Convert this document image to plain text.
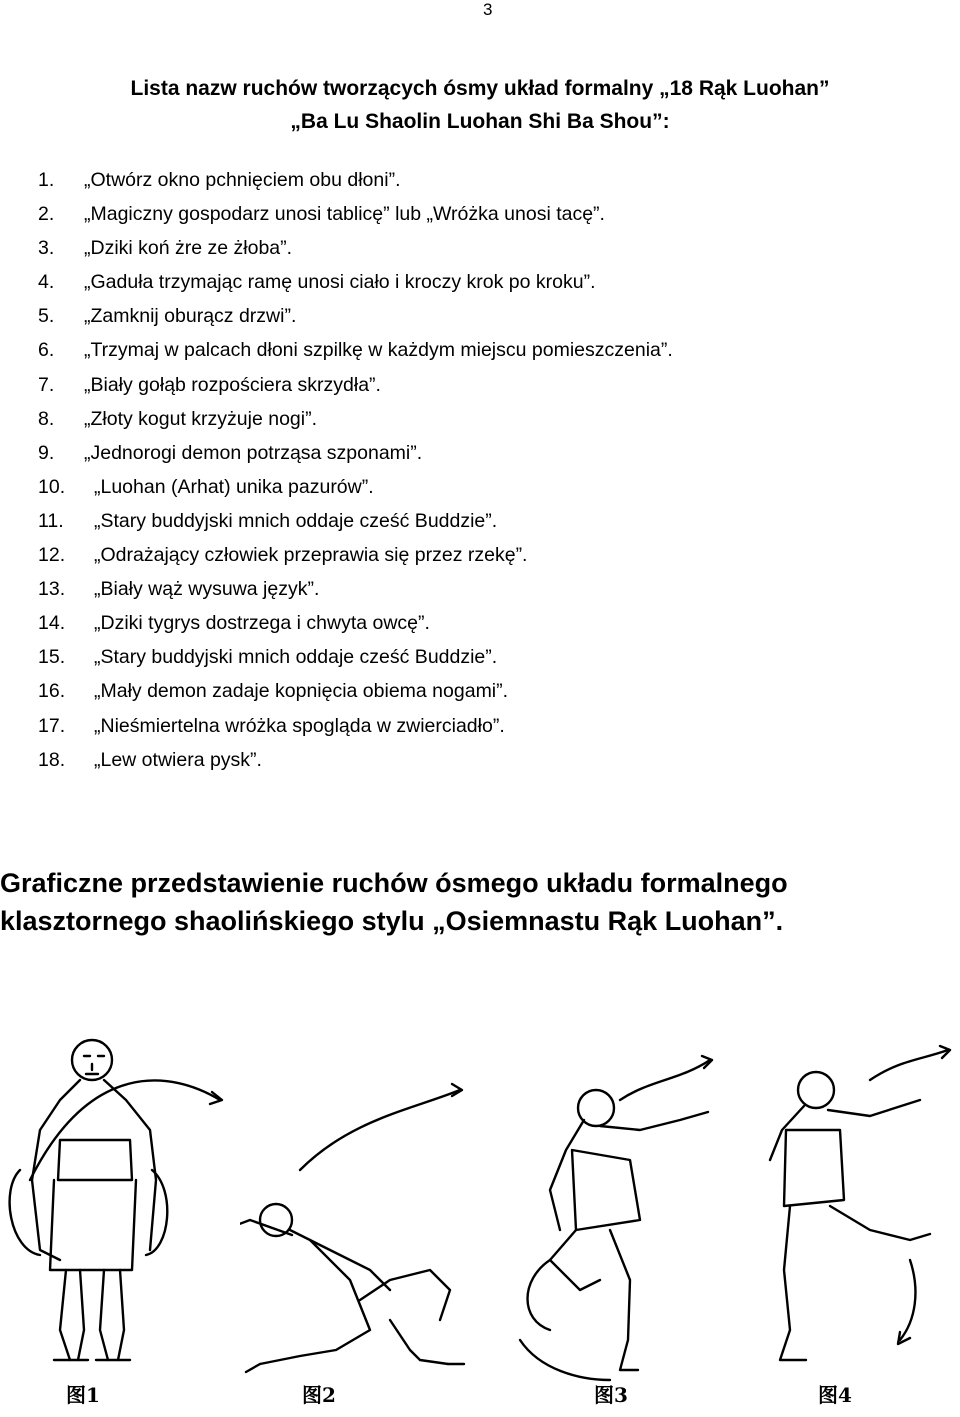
3
Lista nazw ruchów tworzących ósmy układ formalny „18 Rąk Luohan”
„Ba Lu Shaolin Luohan Shi Ba Shou”:
1. „Otwórz okno pchnięciem obu dłoni”.
2. „Magiczny gospodarz unosi tablicę” lub „Wróżka unosi tacę”.
3. „Dziki koń żre ze żłoba”.
4. „Gaduła trzymając ramę unosi ciało i kroczy krok po kroku”.
5. „Zamknij oburącz drzwi”.
6. „Trzymaj w palcach dłoni szpilkę w każdym miejscu pomieszczenia”.
7. „Biały gołąb rozpościera skrzydła”.
8. „Złoty kogut krzyżuje nogi”.
9. „Jednorogi demon potrząsa szponami”.
10. „Luohan (Arhat) unika pazurów”.
11. „Stary buddyjski mnich oddaje cześć Buddzie”.
12. „Odrażający człowiek przeprawia się przez rzekę”.
13. „Biały wąż wysuwa język”.
14. „Dziki tygrys dostrzega i chwyta owcę”.
15. „Stary buddyjski mnich oddaje cześć Buddzie”.
16. „Mały demon zadaje kopnięcia obiema nogami”.
17. „Nieśmiertelna wróżka spogląda w zwierciadło”.
18. „Lew otwiera pysk”.
Graficzne przedstawienie ruchów ósmego układu formalnego
klasztornego shaolińskiego stylu „Osiemnastu Rąk Luohan”.
图1	图2	图3	图4
